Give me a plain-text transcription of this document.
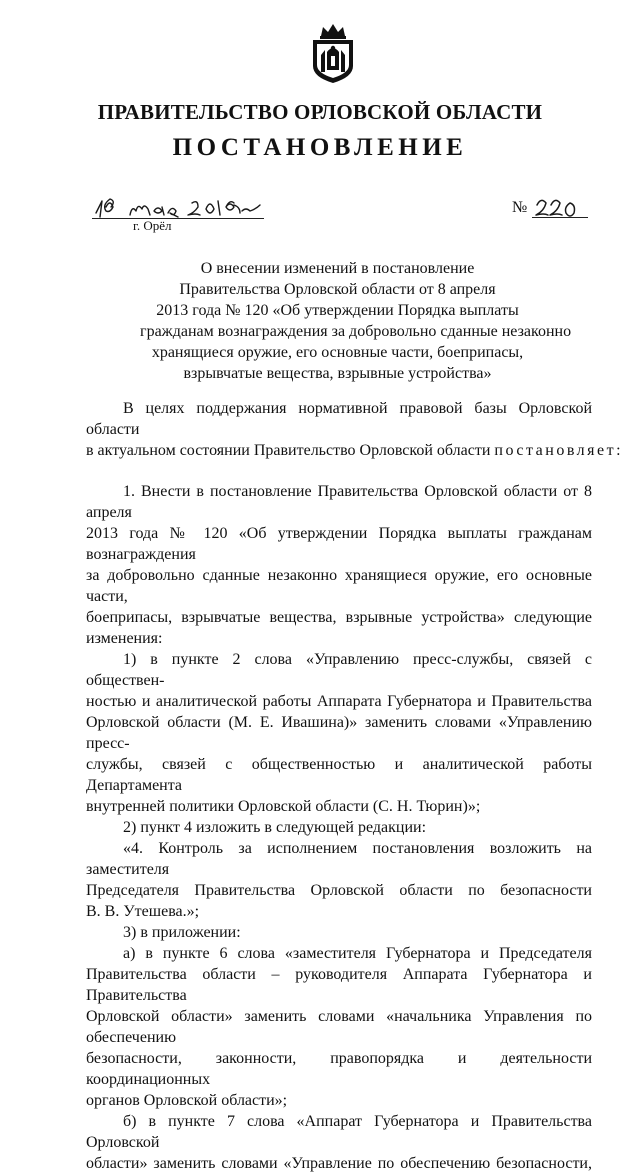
ПРАВИТЕЛЬСТВО ОРЛОВСКОЙ ОБЛАСТИ
ПОСТАНОВЛЕНИЕ
г. Орёл
№
О внесении изменений в постановление
Правительства Орловской области от 8 апреля
2013 года № 120 «Об утверждении Порядка выплаты
гражданам вознаграждения за добровольно сданные незаконно
хранящиеся оружие, его основные части, боеприпасы,
взрывчатые вещества, взрывные устройства»
В целях поддержания нормативной правовой базы Орловской области
в актуальном состоянии Правительство Орловской области постановляет:
1. Внести в постановление Правительства Орловской области от 8 апреля
2013 года № 120 «Об утверждении Порядка выплаты гражданам вознаграждения
за добровольно сданные незаконно хранящиеся оружие, его основные части,
боеприпасы, взрывчатые вещества, взрывные устройства» следующие
изменения:
1) в пункте 2 слова «Управлению пресс-службы, связей с обществен-
ностью и аналитической работы Аппарата Губернатора и Правительства
Орловской области (М. Е. Ивашина)» заменить словами «Управлению пресс-
службы, связей с общественностью и аналитической работы Департамента
внутренней политики Орловской области (С. Н. Тюрин)»;
2) пункт 4 изложить в следующей редакции:
«4. Контроль за исполнением постановления возложить на заместителя
Председателя Правительства Орловской области по безопасности
В. В. Утешева.»;
3) в приложении:
а) в пункте 6 слова «заместителя Губернатора и Председателя
Правительства области – руководителя Аппарата Губернатора и Правительства
Орловской области» заменить словами «начальника Управления по обеспечению
безопасности, законности, правопорядка и деятельности координационных
органов Орловской области»;
б) в пункте 7 слова «Аппарат Губернатора и Правительства Орловской
области» заменить словами «Управление по обеспечению безопасности,
